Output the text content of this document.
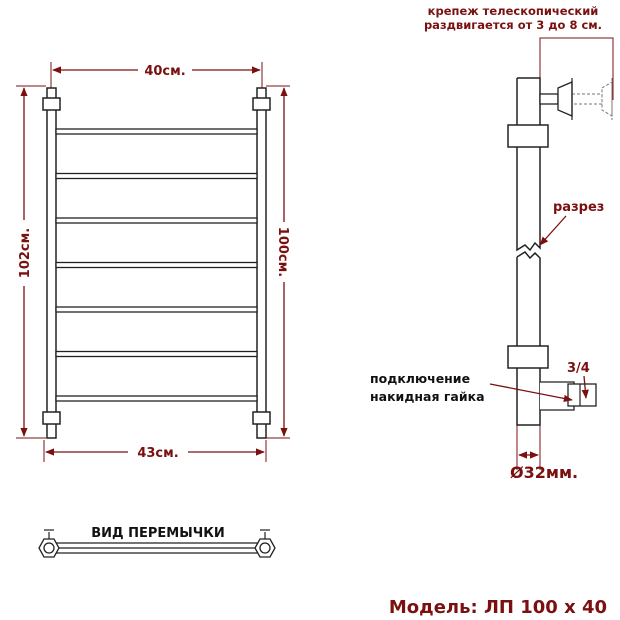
40см.
43см.
102см.	100см.
крепеж телескопический
раздвигается от 3 до 8 см.
разрез
3/4
подключение
накидная гайка
Ø32мм.
ВИД ПЕРЕМЫЧКИ
Модель: ЛП 100 х 40
